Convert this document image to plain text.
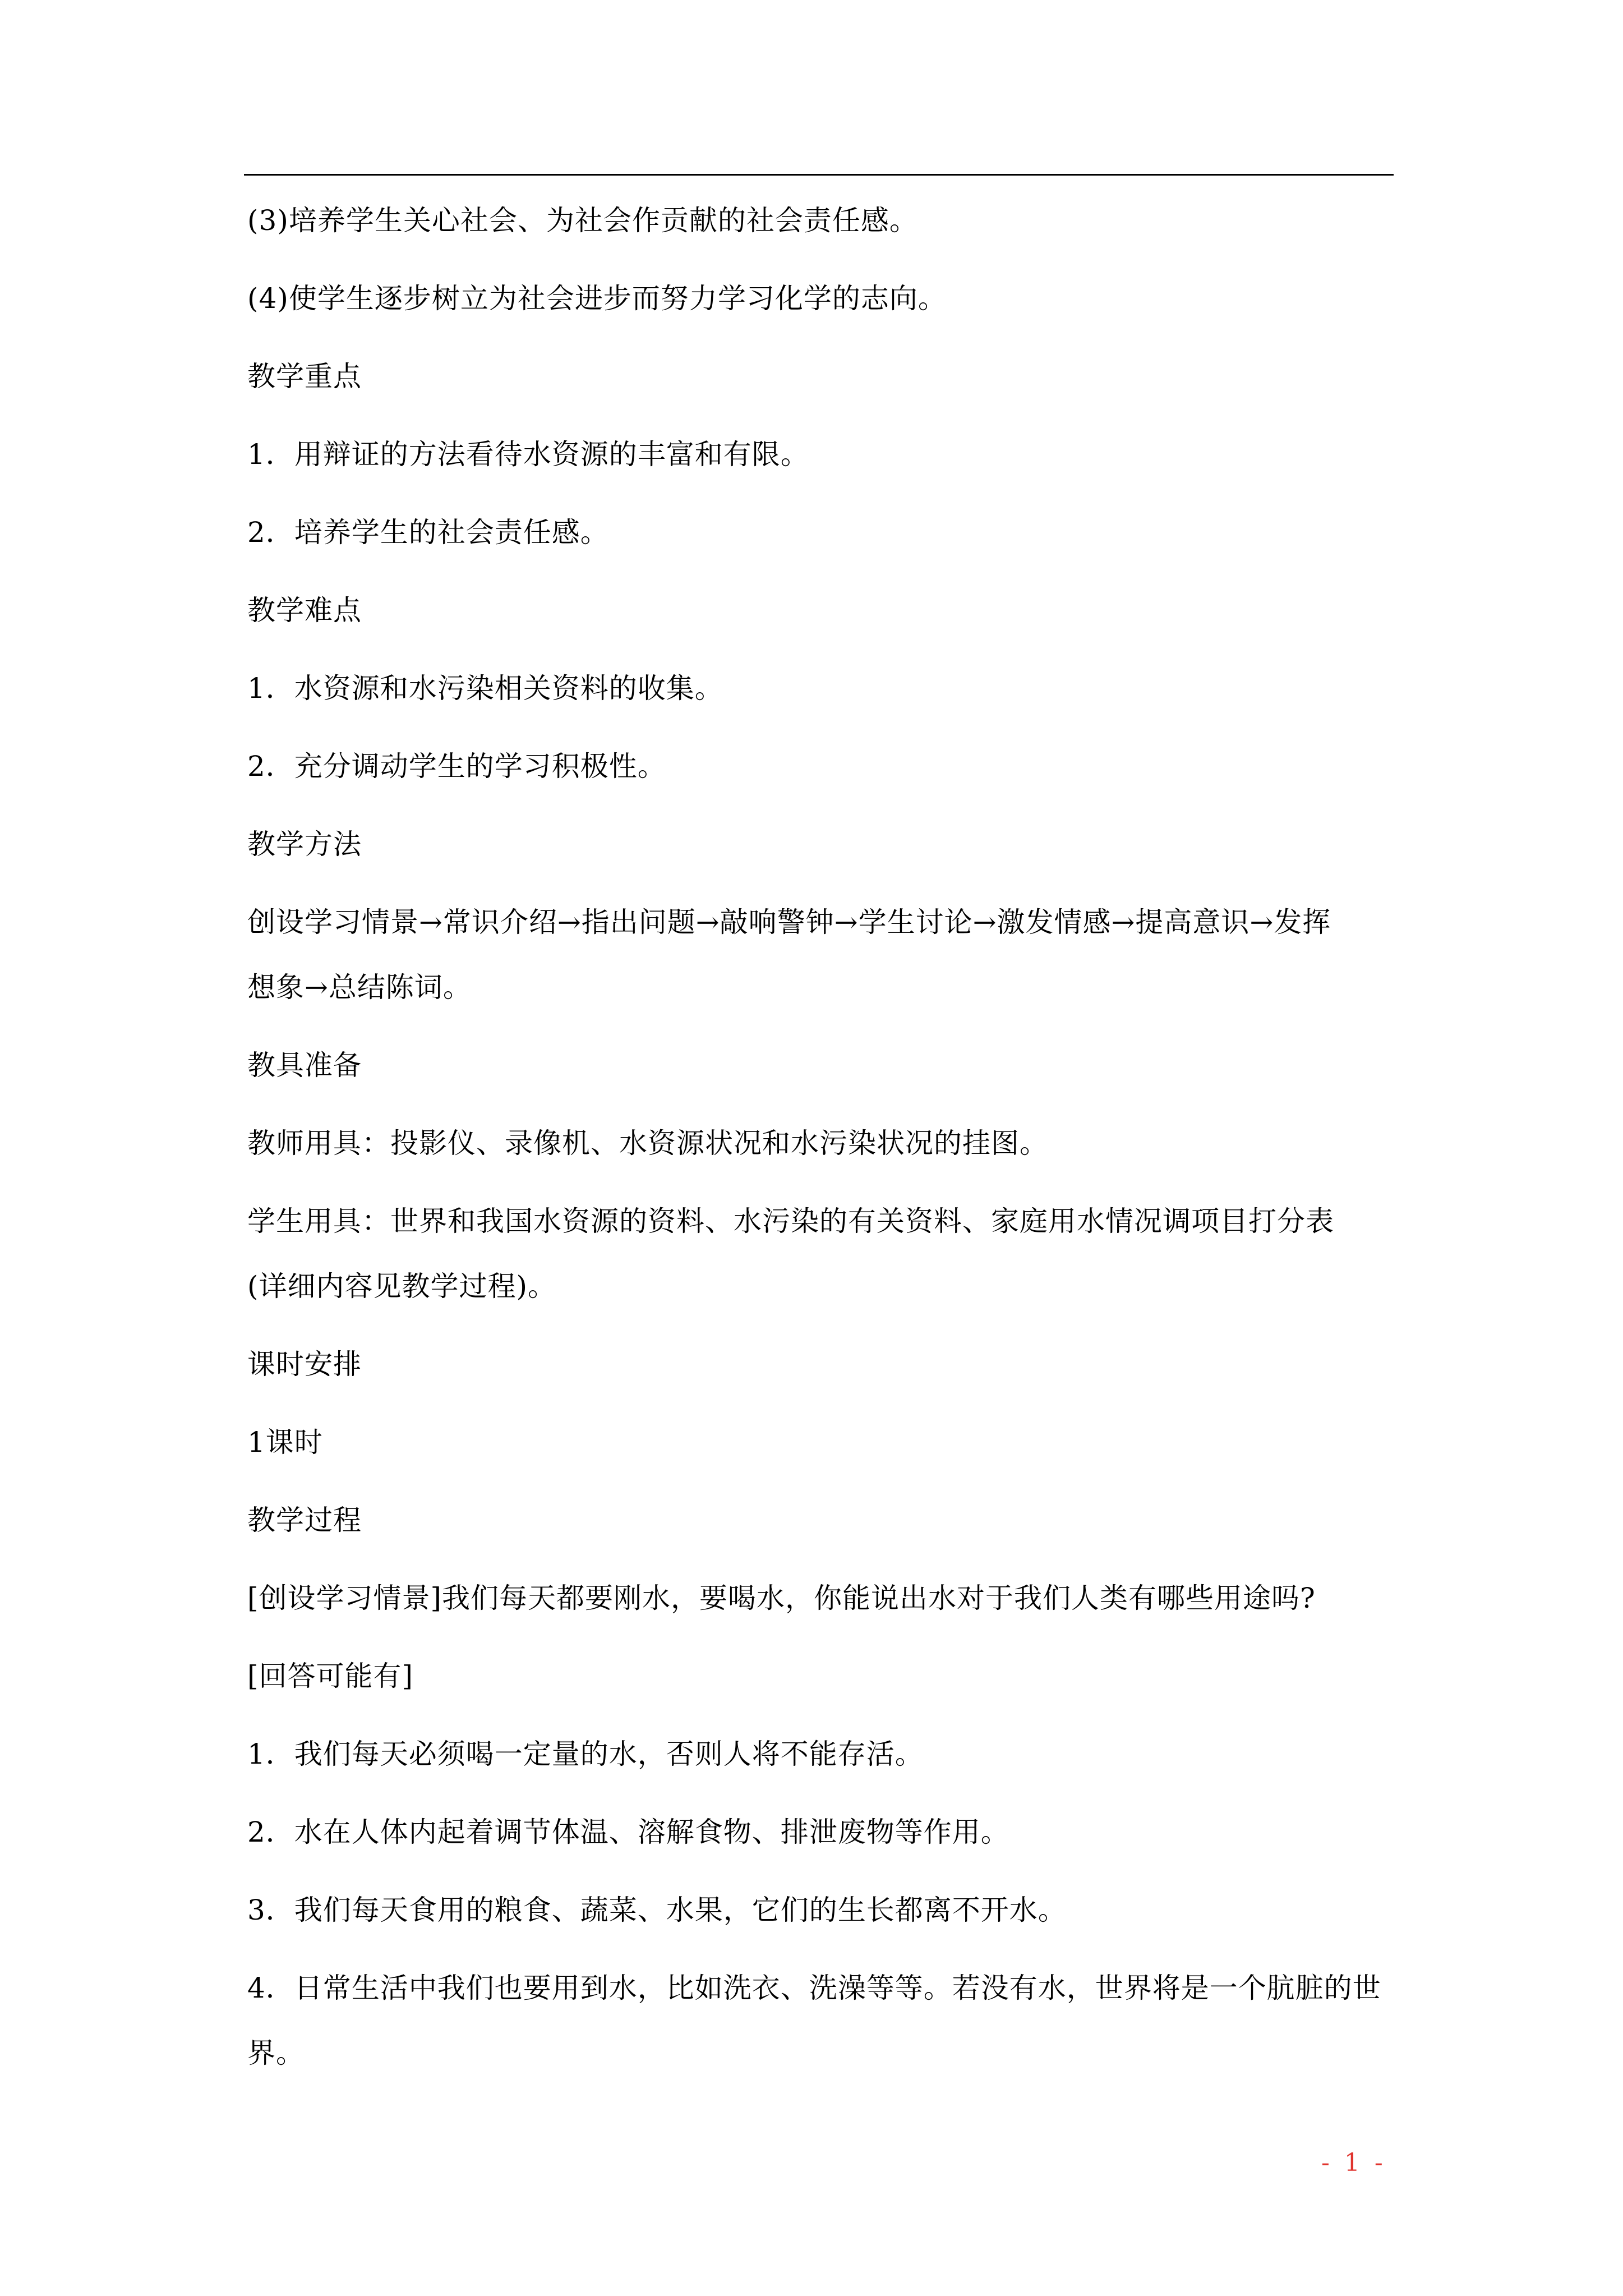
(3)培养学生关心社会、为社会作贡献的社会责任感。

(4)使学生逐步树立为社会进步而努力学习化学的志向。

教学重点

1．用辩证的方法看待水资源的丰富和有限。

2．培养学生的社会责任感。

教学难点

1．水资源和水污染相关资料的收集。

2．充分调动学生的学习积极性。

教学方法

创设学习情景→常识介绍→指出问题→敲响警钟→学生讨论→激发情感→提高意识→发挥

想象→总结陈词。

教具准备

教师用具：投影仪、录像机、水资源状况和水污染状况的挂图。

学生用具：世界和我国水资源的资料、水污染的有关资料、家庭用水情况调项目打分表

(详细内容见教学过程)。

课时安排

1课时

教学过程

[创设学习情景]我们每天都要刚水，要喝水，你能说出水对于我们人类有哪些用途吗?

[回答可能有]

1．我们每天必须喝一定量的水，否则人将不能存活。

2．水在人体内起着调节体温、溶解食物、排泄废物等作用。

3．我们每天食用的粮食、蔬菜、水果，它们的生长都离不开水。

4．日常生活中我们也要用到水，比如洗衣、洗澡等等。若没有水，世界将是一个肮脏的世

界。

- 1 -
